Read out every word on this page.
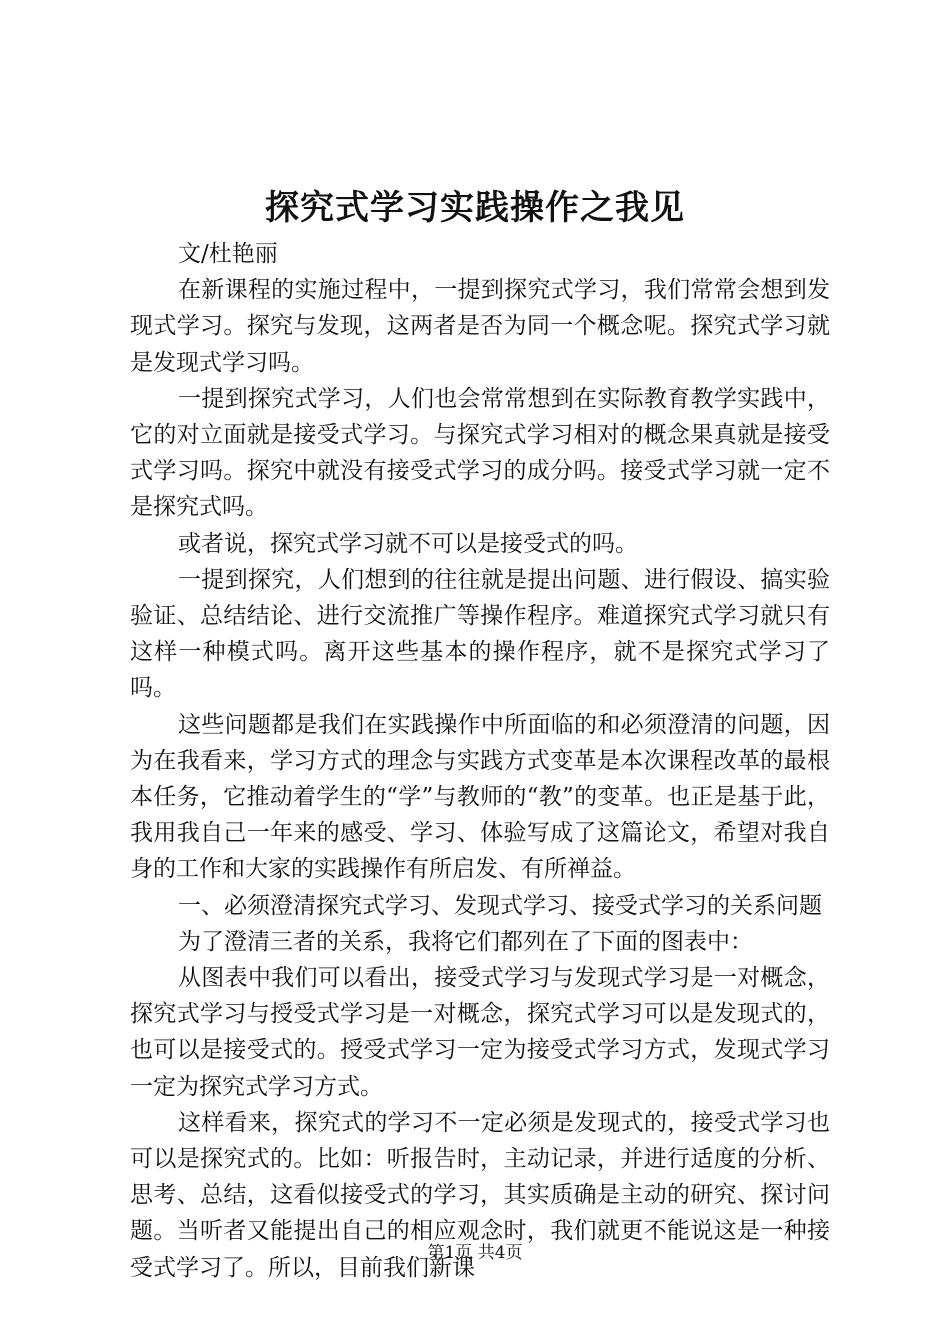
探究式学习实践操作之我见

文/杜艳丽

在新课程的实施过程中，一提到探究式学习，我们常常会想到发现式学习。探究与发现，这两者是否为同一个概念呢。探究式学习就是发现式学习吗。

一提到探究式学习，人们也会常常想到在实际教育教学实践中，它的对立面就是接受式学习。与探究式学习相对的概念果真就是接受式学习吗。探究中就没有接受式学习的成分吗。接受式学习就一定不是探究式吗。

或者说，探究式学习就不可以是接受式的吗。

一提到探究，人们想到的往往就是提出问题、进行假设、搞实验验证、总结结论、进行交流推广等操作程序。难道探究式学习就只有这样一种模式吗。离开这些基本的操作程序，就不是探究式学习了吗。

这些问题都是我们在实践操作中所面临的和必须澄清的问题，因为在我看来，学习方式的理念与实践方式变革是本次课程改革的最根本任务，它推动着学生的“学”与教师的“教”的变革。也正是基于此，我用我自己一年来的感受、学习、体验写成了这篇论文，希望对我自身的工作和大家的实践操作有所启发、有所禅益。

一、必须澄清探究式学习、发现式学习、接受式学习的关系问题

为了澄清三者的关系，我将它们都列在了下面的图表中：

从图表中我们可以看出，接受式学习与发现式学习是一对概念，探究式学习与授受式学习是一对概念，探究式学习可以是发现式的，也可以是接受式的。授受式学习一定为接受式学习方式，发现式学习一定为探究式学习方式。

这样看来，探究式的学习不一定必须是发现式的，接受式学习也可以是探究式的。比如：听报告时，主动记录，并进行适度的分析、思考、总结，这看似接受式的学习，其实质确是主动的研究、探讨问题。当听者又能提出自己的相应观念时，我们就更不能说这是一种接受式学习了。所以，目前我们新课

第1页 共4页
